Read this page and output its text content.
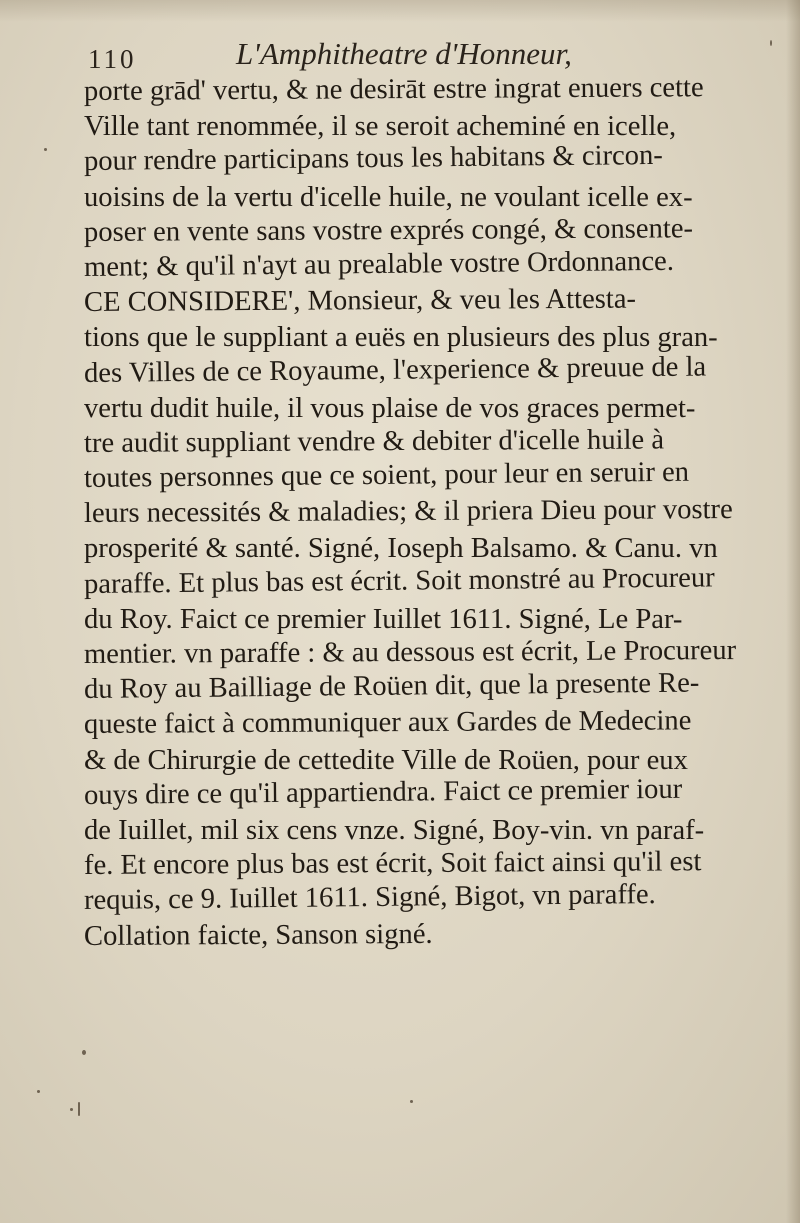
110	L'Amphitheatre d'Honneur,
porte grād' vertu, & ne desirāt estre ingrat enuers cette
Ville tant renommée, il se seroit acheminé en icelle,
pour rendre participans tous les habitans & circon-
uoisins de la vertu d'icelle huile, ne voulant icelle ex-
poser en vente sans vostre exprés congé, & consente-
ment; & qu'il n'ayt au prealable vostre Ordonnance.
CE CONSIDERE', Monsieur, & veu les Attesta-
tions que le suppliant a euës en plusieurs des plus gran-
des Villes de ce Royaume, l'experience & preuue de la
vertu dudit huile, il vous plaise de vos graces permet-
tre audit suppliant vendre & debiter d'icelle huile à
toutes personnes que ce soient, pour leur en seruir en
leurs necessités & maladies; & il priera Dieu pour vostre
prosperité & santé. Signé, Ioseph Balsamo. & Canu. vn
paraffe. Et plus bas est écrit. Soit monstré au Procureur
du Roy. Faict ce premier Iuillet 1611. Signé, Le Par-
mentier. vn paraffe : & au dessous est écrit, Le Procureur
du Roy au Bailliage de Roüen dit, que la presente Re-
queste faict à communiquer aux Gardes de Medecine
& de Chirurgie de cettedite Ville de Roüen, pour eux
ouys dire ce qu'il appartiendra. Faict ce premier iour
de Iuillet, mil six cens vnze. Signé, Boy-vin. vn paraf-
fe. Et encore plus bas est écrit, Soit faict ainsi qu'il est
requis, ce 9. Iuillet 1611. Signé, Bigot, vn paraffe.
Collation faicte, Sanson signé.
